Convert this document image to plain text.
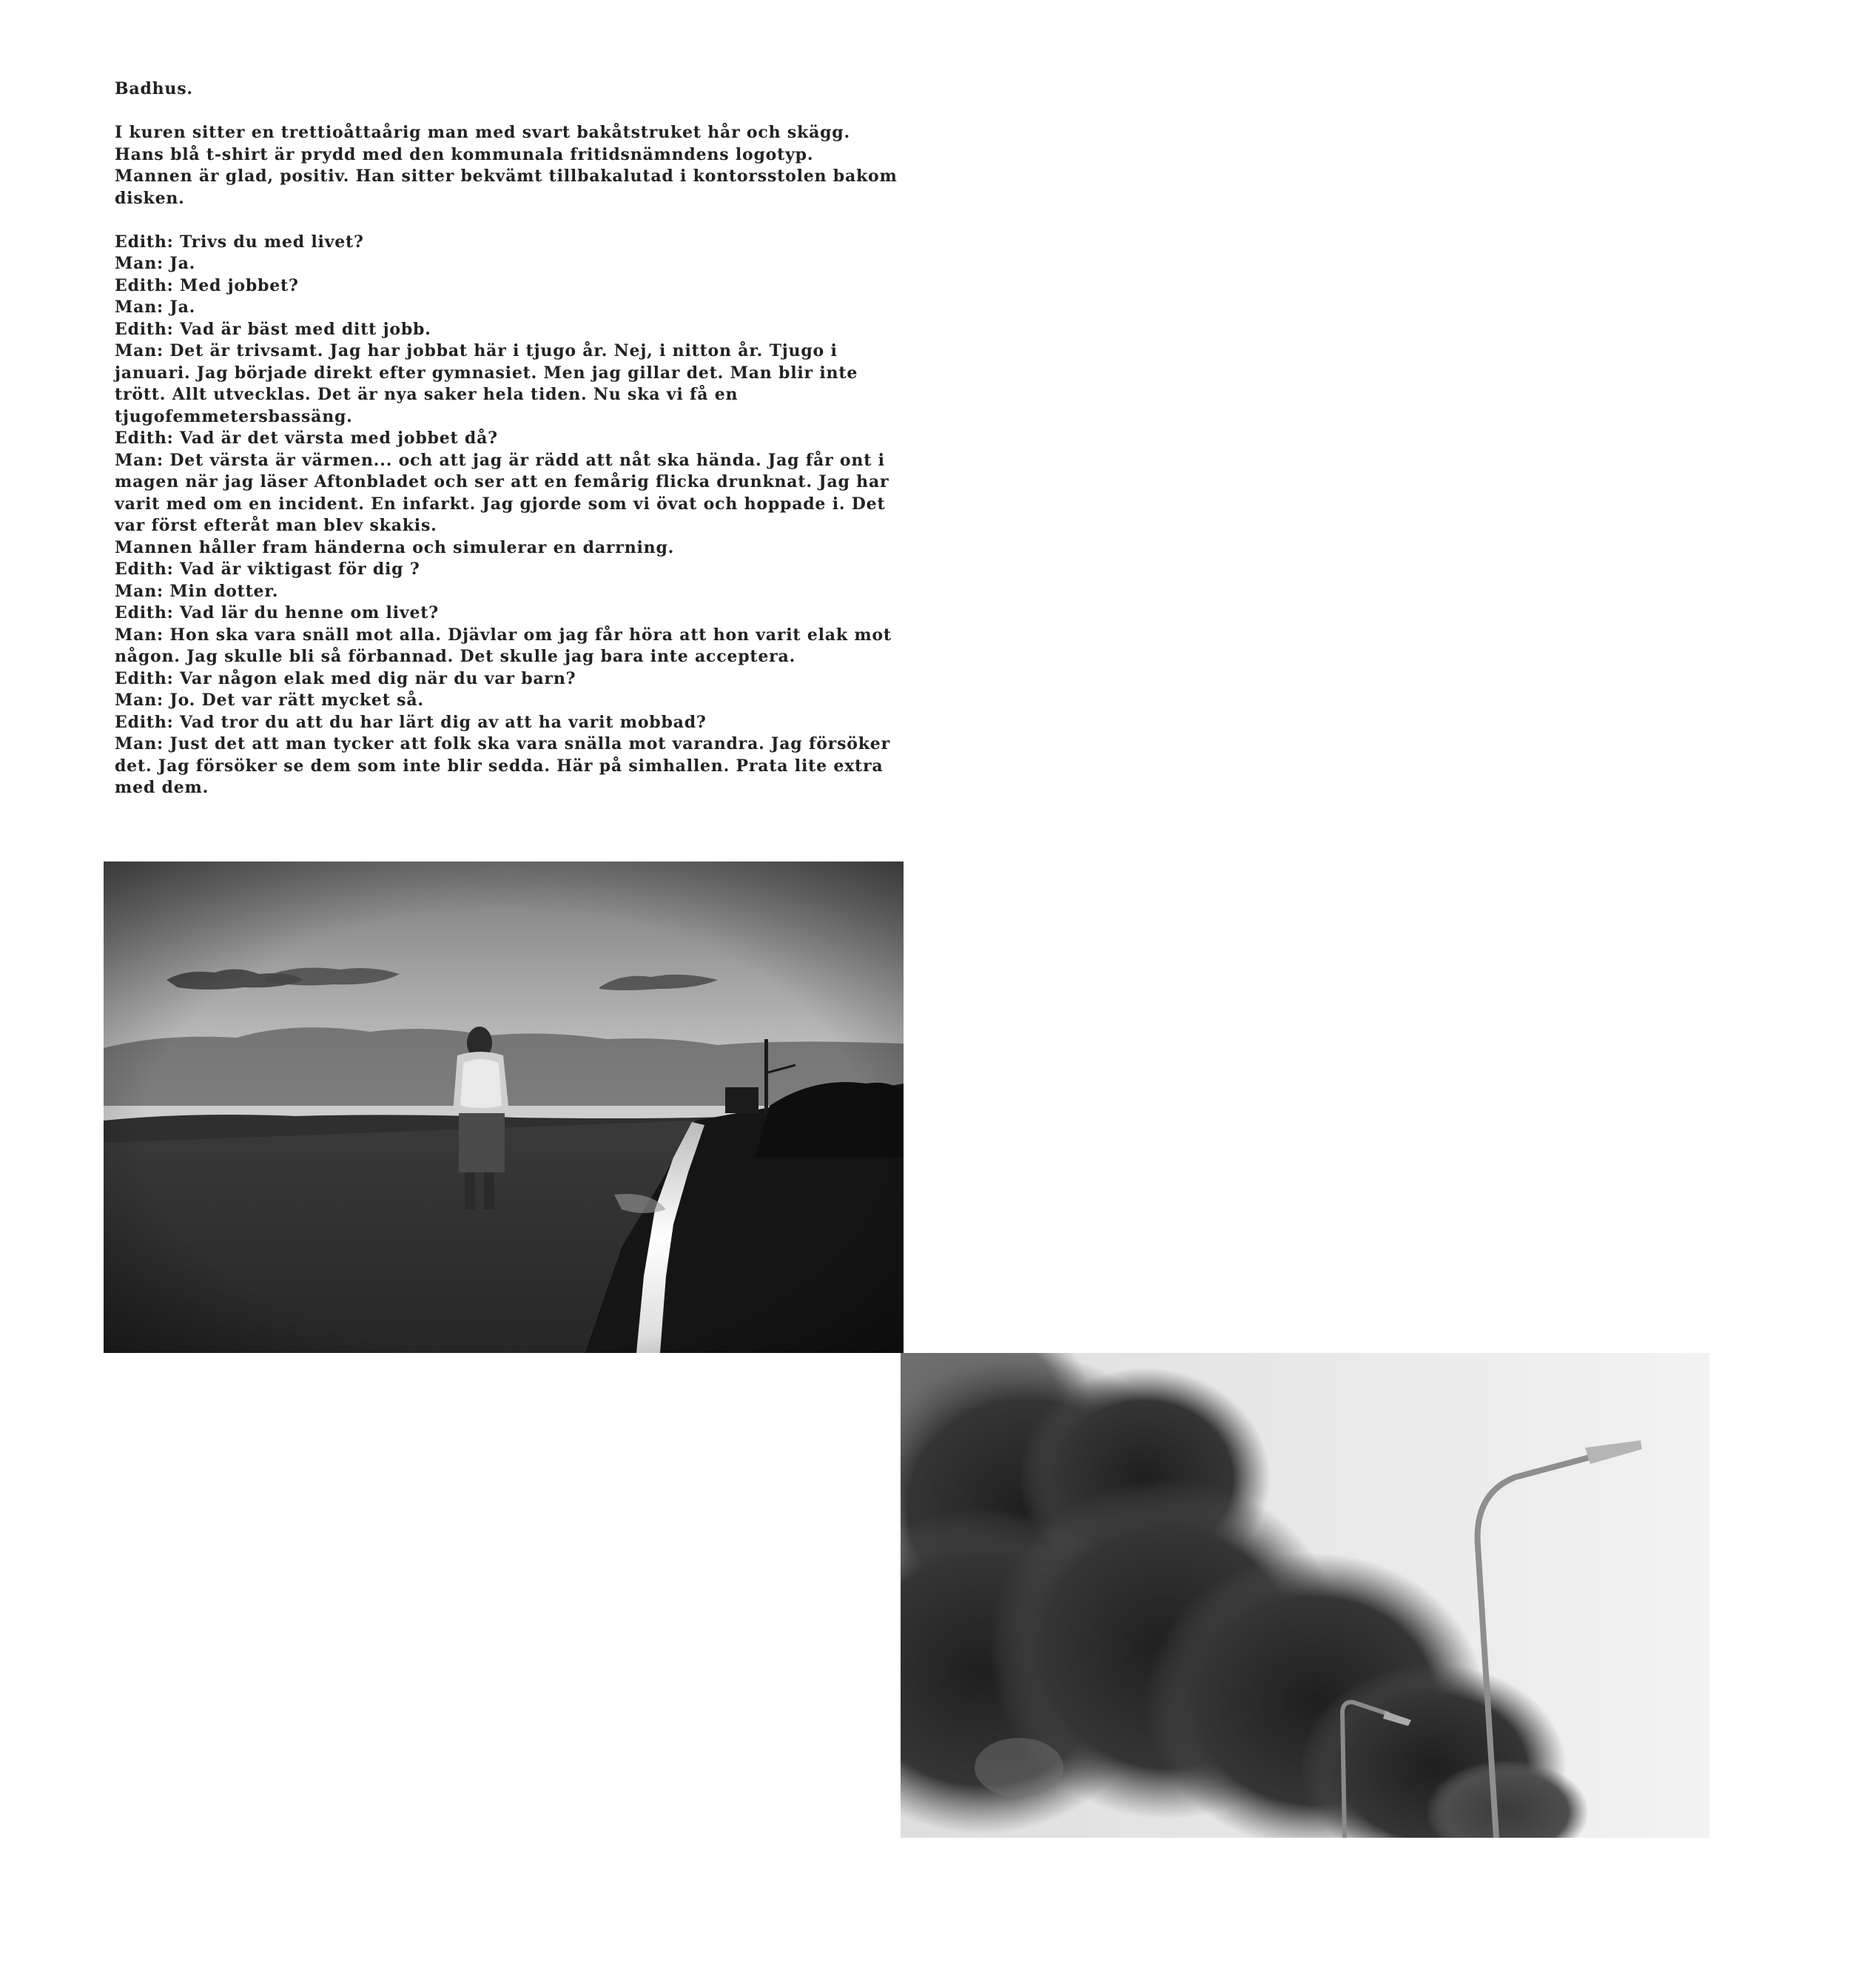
Badhus.

I kuren sitter en trettioåttaårig man med svart bakåtstruket hår och skägg. Hans blå t-shirt är prydd med den kommunala fritidsnämndens logotyp.

Mannen är glad, positiv. Han sitter bekvämt tillbakalutad i kontorsstolen bakom disken.

Edith: Trivs du med livet?

Man: Ja.

Edith: Med jobbet?

Man: Ja.

Edith: Vad är bäst med ditt jobb.

Man: Det är trivsamt. Jag har jobbat här i tjugo år. Nej, i nitton år. Tjugo i januari. Jag började direkt efter gymnasiet. Men jag gillar det. Man blir inte trött. Allt utvecklas. Det är nya saker hela tiden. Nu ska vi få en tjugofemmetersbassäng.

Edith: Vad är det värsta med jobbet då?

Man: Det värsta är värmen... och att jag är rädd att nåt ska hända. Jag får ont i magen när jag läser Aftonbladet och ser att en femårig flicka drunknat. Jag har varit med om en incident. En infarkt. Jag gjorde som vi övat och hoppade i. Det var först efteråt man blev skakis.

Mannen håller fram händerna och simulerar en darrning.

Edith: Vad är viktigast för dig ?

Man: Min dotter.

Edith: Vad lär du henne om livet?

Man: Hon ska vara snäll mot alla. Djävlar om jag får höra att hon varit elak mot någon. Jag skulle bli så förbannad. Det skulle jag bara inte acceptera.

Edith: Var någon elak med dig när du var barn?

Man: Jo. Det var rätt mycket så.

Edith: Vad tror du att du har lärt dig av att ha varit mobbad?

Man: Just det att man tycker att folk ska vara snälla mot varandra. Jag försöker det. Jag försöker se dem som inte blir sedda. Här på simhallen. Prata lite extra med dem.
